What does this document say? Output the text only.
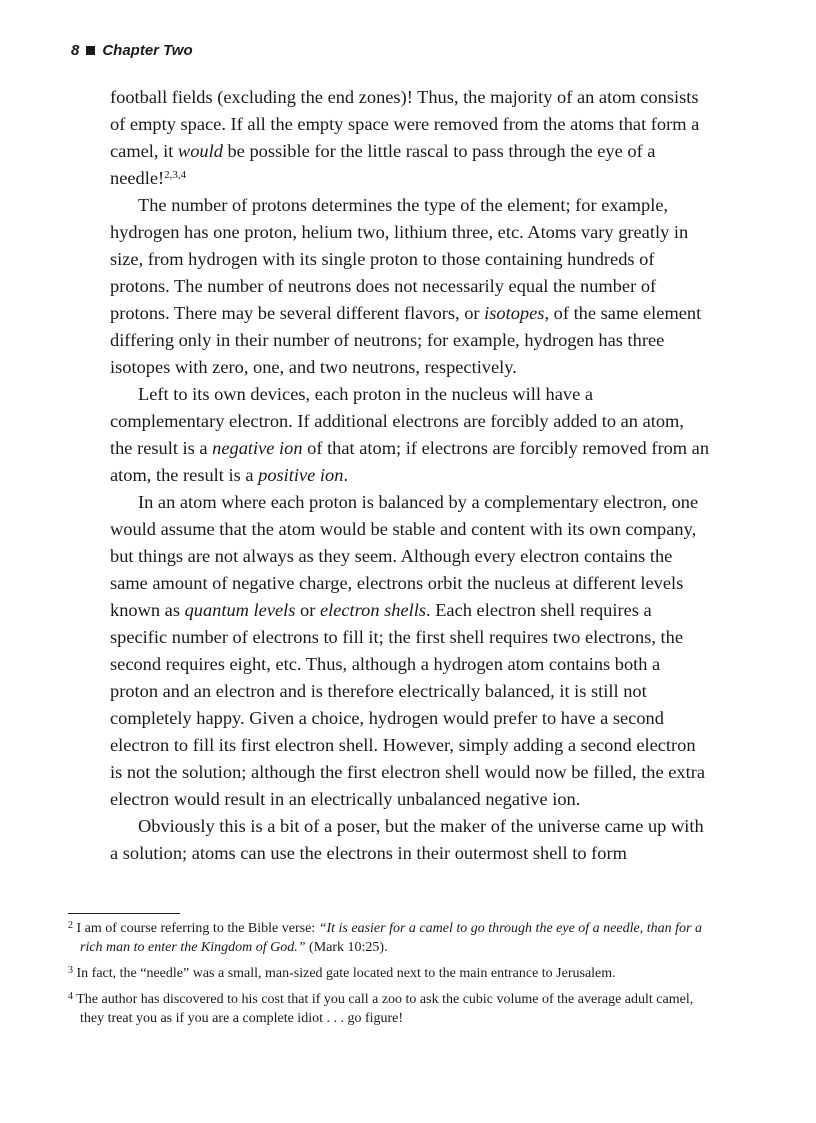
8 Chapter Two

football fields (excluding the end zones)! Thus, the majority of an atom consists of empty space. If all the empty space were removed from the atoms that form a camel, it would be possible for the little rascal to pass through the eye of a needle!$^{2,3,4}$

The number of protons determines the type of the element; for example, hydrogen has one proton, helium two, lithium three, etc. Atoms vary greatly in size, from hydrogen with its single proton to those containing hundreds of protons. The number of neutrons does not necessarily equal the number of protons. There may be several different flavors, or isotopes, of the same element differing only in their number of neutrons; for example, hydrogen has three isotopes with zero, one, and two neutrons, respectively.

Left to its own devices, each proton in the nucleus will have a complementary electron. If additional electrons are forcibly added to an atom, the result is a negative ion of that atom; if electrons are forcibly removed from an atom, the result is a positive ion.

In an atom where each proton is balanced by a complementary electron, one would assume that the atom would be stable and content with its own company, but things are not always as they seem. Although every electron contains the same amount of negative charge, electrons orbit the nucleus at different levels known as quantum levels or electron shells. Each electron shell requires a specific number of electrons to fill it; the first shell requires two electrons, the second requires eight, etc. Thus, although a hydrogen atom contains both a proton and an electron and is therefore electrically balanced, it is still not completely happy. Given a choice, hydrogen would prefer to have a second electron to fill its first electron shell. However, simply adding a second electron is not the solution; although the first electron shell would now be filled, the extra electron would result in an electrically unbalanced negative ion.

Obviously this is a bit of a poser, but the maker of the universe came up with a solution; atoms can use the electrons in their outermost shell to form

$^2$ I am of course referring to the Bible verse: “It is easier for a camel to go through the eye of a needle, than for a rich man to enter the Kingdom of God.” (Mark 10:25).

$^3$ In fact, the “needle” was a small, man-sized gate located next to the main entrance to Jerusalem.

$^4$ The author has discovered to his cost that if you call a zoo to ask the cubic volume of the average adult camel, they treat you as if you are a complete idiot . . . go figure!
